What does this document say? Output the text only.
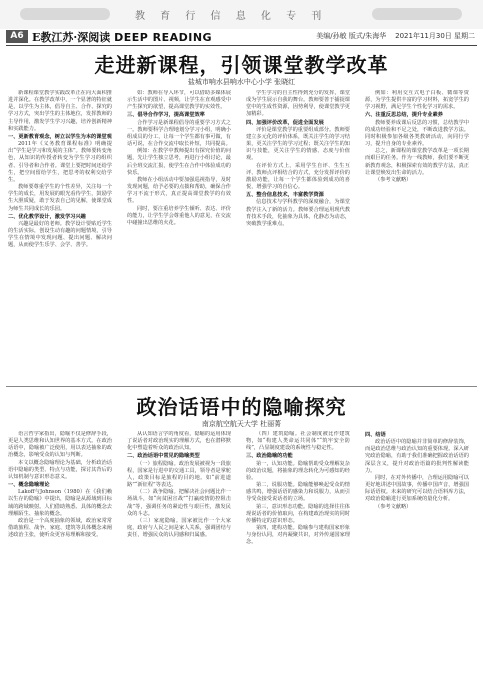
教 育 行 信 息 化 专 刊
A6 E教江苏·深阅读 DEEP READING	美编/孙敏 版式/朱海华 2021年11月30日 星期二
走进新课程，引领课堂教学改革
盐城市响水县响水中心小学 张晓红

新课程课堂教学实践改革正在向大面积推进并深化。在教学改革中，一个显著的特征就是，以学生为主体，倡导自主、合作、探究的学习方式，突出学生的主体地位，发挥教师的主导作用，激发学生学习兴趣，培养创新精神和实践能力。

一、更新教育观念，树立以学生为本的课堂观

2011年《义务教育课程标准》明确提出“学生是学习和发展的主体”。教师要转变角色，从知识的传授者转变为学生学习的组织者、引导者和合作者。课堂上要把时间还给学生，把空间留给学生，把思考的权利交给学生。

教师要尊重学生的个性差异，关注每一个学生的成长，用发展的眼光看待学生，鼓励学生大胆质疑，敢于发表自己的见解，使课堂成为师生共同成长的乐园。

二、优化教学设计，激发学习兴趣

兴趣是最好的老师。教学设计要贴近学生的生活实际，创设生动有趣的问题情境，引导学生在情境中发现问题、提出问题、解决问题，从而使学生乐学、会学、善学。

如：教师在导入环节，可以借助多媒体展示生活中的图片、视频，让学生在直观感受中产生探究的欲望，提高课堂教学的实效性。

三、倡导合作学习，提高课堂效率

合作学习是新课程倡导的重要学习方式之一。教师要科学合理地划分学习小组，明确小组成员的分工，让每一个学生都有事可做，有话可说，在合作交流中取长补短，共同提高。

例如：在教学中教师提出有探究价值的问题，先让学生独立思考，再进行小组讨论，最后全班交流汇报，使学生在合作中体验成功的快乐。

教师在小组活动中要加强巡视指导，及时发现问题，给予必要的点拨和帮助，确保合作学习不流于形式，真正提高课堂教学的有效性。

同时，要注重培养学生倾听、表达、评价的能力，让学生学会尊重他人的意见，在交流中碰撞出思维的火花。

学生学习的自主性得到充分的发挥，课堂成为学生展示自我的舞台。教师要善于捕捉课堂中的生成性资源，因势利导，使课堂教学更加精彩。

四、加强评价改革，促进全面发展

评价是课堂教学的重要组成部分。教师要建立多元化的评价体系，既关注学生的学习结果，更关注学生的学习过程；既关注学生的知识与技能，更关注学生的情感、态度与价值观。

在评价方式上，采用学生自评、生生互评、教师点评相结合的方式，充分发挥评价的激励功能，让每一个学生都体验到成功的喜悦，增强学习的自信心。

五、整合信息技术，丰富教学资源

信息技术与学科教学的深度融合，为课堂教学注入了新的活力。教师要合理运用现代教育技术手段，化抽象为具体，化静态为动态，突破教学重难点。

例如：利用交互式电子白板、微课等资源，为学生提供丰富的学习材料，拓宽学生的学习视野，满足学生个性化学习的需求。

六、注重反思总结，提升专业素养

教师要养成课后反思的习惯，总结教学中的成功经验和不足之处，不断改进教学方法。同时积极参加各级各类教研活动，向同行学习，提升自身的专业素养。

总之，新课程的课堂教学改革是一项长期而艰巨的任务。作为一线教师，我们要不断更新教育观念，积极探索有效的教学方法，真正让课堂焕发出生命的活力。

（参考文献略）

政治话语中的隐喻探究
南京航空航天大学 杜丽菁

语言哲学家指出，隐喻不仅是修辞手段，更是人类思维和认知世界的基本方式。在政治话语中，隐喻被广泛使用，用以表达抽象的政治概念，影响受众的认知与判断。

本文以概念隐喻理论为基础，分析政治话语中隐喻的类型、特点与功能，探讨其背后的认知机制与意识形态意义。

一、概念隐喻理论

Lakoff与Johnson（1980）在《我们赖以生存的隐喻》中提出，隐喻是从源域到目标域的跨域映射。人们借助熟悉、具体的概念去理解陌生、抽象的概念。

政治是一个高度抽象的领域，政治家常常借助旅程、战争、家庭、建筑等具体概念来阐述政治主张，使听众更容易理解和接受。

从认知语言学的角度看，隐喻的运用体现了说话者对政治现实的理解方式，也在潜移默化中塑造着听众的政治认知。

二、政治话语中常见的隐喻类型

（一）旅程隐喻。政治发展被视为一段旅程，国家是行进中的交通工具，领导者是掌舵人，政策目标是旅程的目的地。如“前进道路”“新征程”等表达。

（二）战争隐喻。把解决社会问题比作一场战斗，如“向贫困宣战”“打赢疫情防控阻击战”等，强调任务的紧迫性与艰巨性，激发民众的斗志。

（三）家庭隐喻。国家被比作一个大家庭，政府与人民之间是家人关系，强调团结与责任，增强民众的认同感和归属感。

（四）建筑隐喻。社会制度被比作建筑物，如“构建人类命运共同体”“筑牢安全防线”，凸显制度建设的系统性与稳定性。

三、政治隐喻的功能

第一，认知功能。隐喻帮助受众理解复杂的政治议题，将抽象的理念转化为可感知的经验。

第二，说服功能。隐喻能够唤起受众的情感共鸣，增强话语的感染力和说服力，从而引导受众接受说话者的立场。

第三，意识形态功能。隐喻的选择往往体现说话者的价值取向，在构建政治现实的同时传播特定的意识形态。

第四，建构功能。隐喻参与建构国家形象与身份认同，对内凝聚共识，对外传递国家理念。

四、结语

政治话语中的隐喻并非简单的修辞装饰，而是政治思维与政治认知的重要体现。深入研究政治隐喻，有助于我们准确把握政治话语的深层含义，提升对政治语篇的批判性解读能力。

同时，在对外传播中，合理运用隐喻可以更好地讲述中国故事，传播中国声音，增强国际话语权。未来的研究可以结合语料库方法，对政治隐喻进行更加系统的量化分析。

（参考文献略）
